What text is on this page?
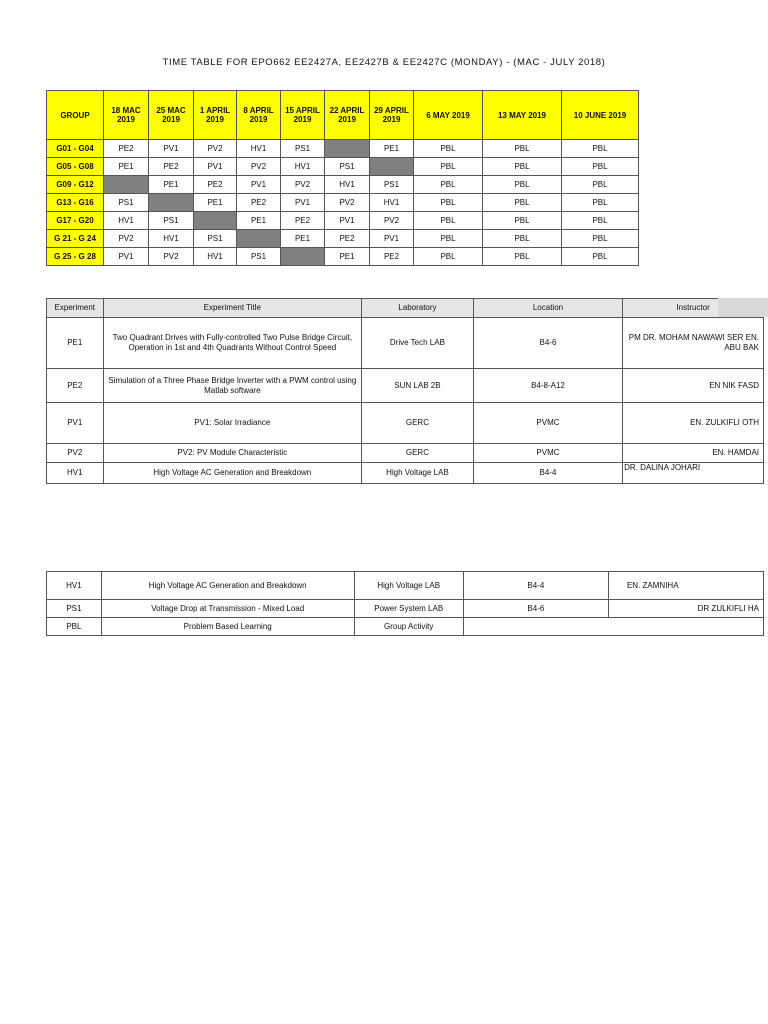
TIME TABLE FOR EPO662 EE2427A, EE2427B & EE2427C (MONDAY) - (MAC - JULY 2018)
GROUP	18 MAC 2019	25 MAC 2019	1 APRIL 2019	8 APRIL 2019	15 APRIL 2019	22 APRIL 2019	29 APRIL 2019	6 MAY 2019	13 MAY 2019	10 JUNE 2019
G01 - G04	PE2	PV1	PV2	HV1	PS1		PE1	PBL	PBL	PBL
G05 - G08	PE1	PE2	PV1	PV2	HV1	PS1		PBL	PBL	PBL
G09 - G12		PE1	PE2	PV1	PV2	HV1	PS1	PBL	PBL	PBL
G13 - G16	PS1		PE1	PE2	PV1	PV2	HV1	PBL	PBL	PBL
G17 - G20	HV1	PS1		PE1	PE2	PV1	PV2	PBL	PBL	PBL
G 21 - G 24	PV2	HV1	PS1		PE1	PE2	PV1	PBL	PBL	PBL
G 25 - G 28	PV1	PV2	HV1	PS1		PE1	PE2	PBL	PBL	PBL
Experiment	Experiment Title	Laboratory	Location	Instructor
PE1	Two Quadrant Drives with Fully-controlled Two Pulse Bridge Circuit, Operation in 1st and 4th Quadrants Without Control Speed	Drive Tech LAB	B4-6	PM DR. MOHAM NAWAWI SER EN. ABU BAK
PE2	Simulation of a Three Phase Bridge Inverter with a PWM control using Matlab software	SUN LAB 2B	B4-8-A12	EN NIK FASD
PV1	PV1: Solar Irradiance	GERC	PVMC	EN. ZULKIFLI OTH
PV2	PV2: PV Module Characteristic	GERC	PVMC	EN. HAMDAI
HV1	High Voltage AC Generation and Breakdown	High Voltage LAB	B4-4	DR. DALINA JOHARI
HV1	High Voltage AC Generation and Breakdown	High Voltage LAB	B4-4	EN. ZAMNIHA
PS1	Voltage Drop at Transmission - Mixed Load	Power System LAB	B4-6	DR ZULKIFLI HA
PBL	Problem Based Learning	Group Activity		
